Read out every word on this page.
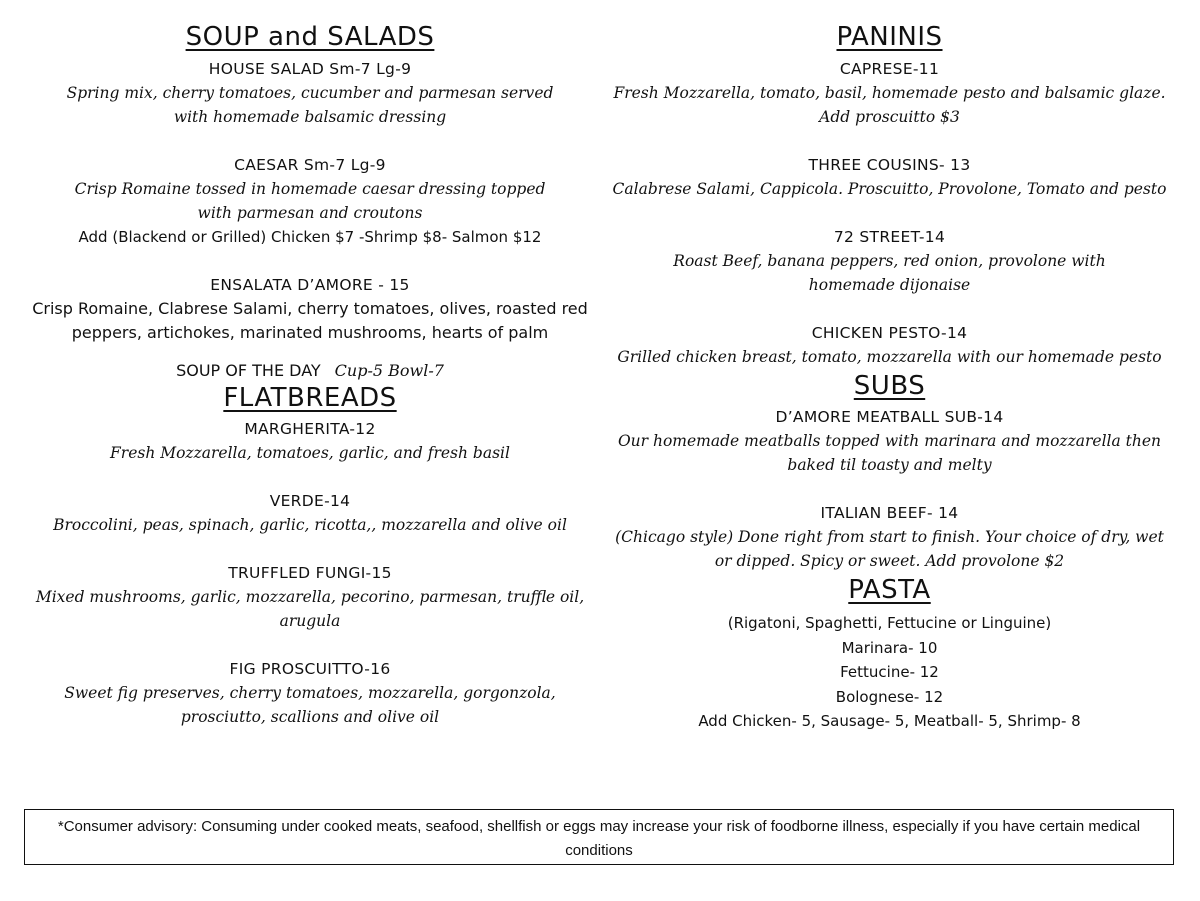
SOUP and SALADS
HOUSE SALAD Sm-7 Lg-9
Spring mix, cherry tomatoes, cucumber and parmesan served with homemade balsamic dressing
CAESAR Sm-7 Lg-9
Crisp Romaine tossed in homemade caesar dressing topped with parmesan and croutons
Add (Blackend or Grilled) Chicken $7 -Shrimp $8- Salmon $12
ENSALATA D’AMORE - 15
Crisp Romaine, Clabrese Salami, cherry tomatoes, olives, roasted red peppers, artichokes, marinated mushrooms, hearts of palm
SOUP OF THE DAY Cup-5 Bowl-7
FLATBREADS
MARGHERITA-12
Fresh Mozzarella, tomatoes, garlic, and fresh basil
VERDE-14
Broccolini, peas, spinach, garlic, ricotta,, mozzarella and olive oil
TRUFFLED FUNGI-15
Mixed mushrooms, garlic, mozzarella, pecorino, parmesan, truffle oil, arugula
FIG PROSCUITTO-16
Sweet fig preserves, cherry tomatoes, mozzarella, gorgonzola, prosciutto, scallions and olive oil
PANINIS
CAPRESE-11
Fresh Mozzarella, tomato, basil, homemade pesto and balsamic glaze. Add proscuitto $3
THREE COUSINS- 13
Calabrese Salami, Cappicola. Proscuitto, Provolone, Tomato and pesto
72 STREET-14
Roast Beef, banana peppers, red onion, provolone with    homemade dijonaise
CHICKEN PESTO-14
Grilled chicken breast, tomato, mozzarella with our homemade pesto
SUBS
D’AMORE MEATBALL SUB-14
Our homemade meatballs topped with marinara and mozzarella then baked til toasty and melty
ITALIAN BEEF- 14
(Chicago style) Done right from start to finish. Your choice of dry, wet or dipped. Spicy or sweet. Add provolone $2
PASTA
(Rigatoni, Spaghetti, Fettucine or Linguine)
Marinara- 10
Fettucine- 12
Bolognese- 12
Add Chicken- 5, Sausage- 5, Meatball- 5, Shrimp- 8
*Consumer advisory: Consuming under cooked meats, seafood, shellfish or eggs may increase your risk of foodborne illness, especially if you have certain medical conditions
